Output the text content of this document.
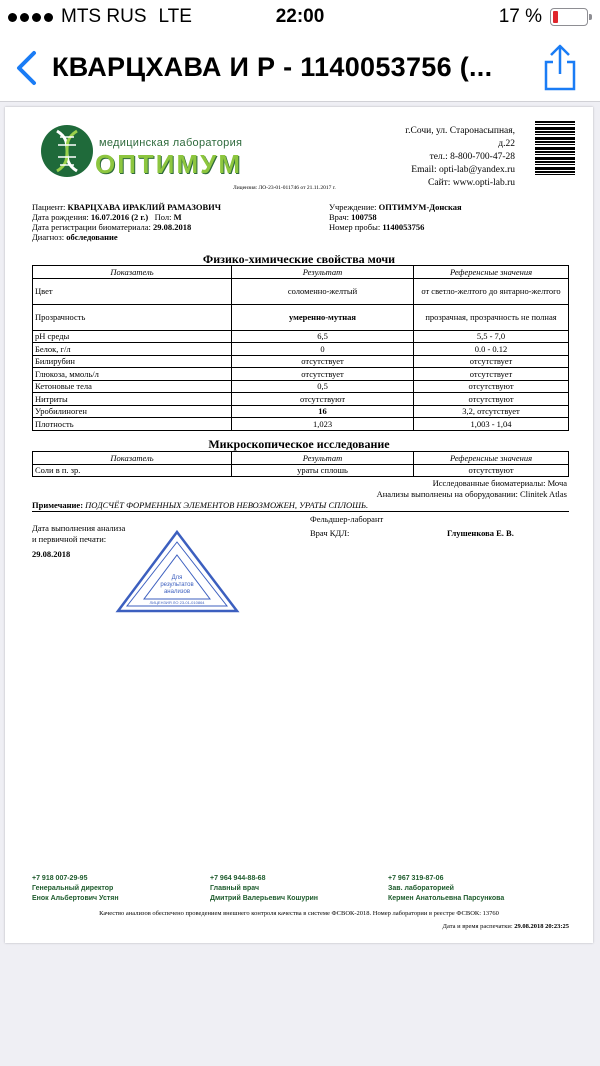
MTS RUS LTE	22:00	17 %
КВАРЦХАВА И Р - 1140053756 (...
медицинская лаборатория
ОПТИМУМ
Лицензия: ЛО-23-01-011746 от 21.11.2017 г.
г.Сочи, ул. Старонасыпная,
д.22
тел.: 8-800-700-47-28
Email: opti-lab@yandex.ru
Сайт: www.opti-lab.ru
Пациент: КВАРЦХАВА ИРАКЛИЙ РАМАЗОВИЧ
Дата рождения: 16.07.2016 (2 г.) Пол: М
Дата регистрации биоматериала: 29.08.2018
Диагноз: обследование
Учреждение: ОПТИМУМ-Донская
Врач: 100758
Номер пробы: 1140053756
Физико-химические свойства мочи
Показатель	Результат	Референсные значения
Цвет	соломенно-желтый	от светло-желтого до янтарно-желтого
Прозрачность	умеренно-мутная	прозрачная, прозрачность не полная
pH среды	6,5	5,5 - 7,0
Белок, г/л	0	0.0 - 0.12
Билирубин	отсутствует	отсутствует
Глюкоза, ммоль/л	отсутствует	отсутствует
Кетоновые тела	0,5	отсутствуют
Нитриты	отсутствуют	отсутствуют
Уробилиноген	16	3,2, отсутствует
Плотность	1,023	1,003 - 1,04
Микроскопическое исследование
Показатель	Результат	Референсные значения
Соли в п. зр.	ураты сплошь	отсутствуют
Исследованные биоматериалы: Моча
Анализы выполнены на оборудовании: Clinitek Atlas
Примечание: ПОДСЧЁТ ФОРМЕННЫХ ЭЛЕМЕНТОВ НЕВОЗМОЖЕН, УРАТЫ СПЛОШЬ.
Дата выполнения анализа
и первичной печати:
29.08.2018
Фельдшер-лаборант
Врач КДЛ:	Глушенкова Е. В.
Для
результатов
анализов
ЛИЦЕНЗИЯ ЛО 23-01-010864
+7 918 007-29-95
Генеральный директор
Енок Альбертович Устян
+7 964 944-88-68
Главный врач
Дмитрий Валерьевич Кошурин
+7 967 319-87-06
Зав. лабораторией
Кермен Анатольевна Парсункова
Качество анализов обеспечено проведением внешнего контроля качества в системе ФСВОК-2018. Номер лаборатории в реестре ФСВОК: 13760
Дата и время распечатки: 29.08.2018 20:23:25
